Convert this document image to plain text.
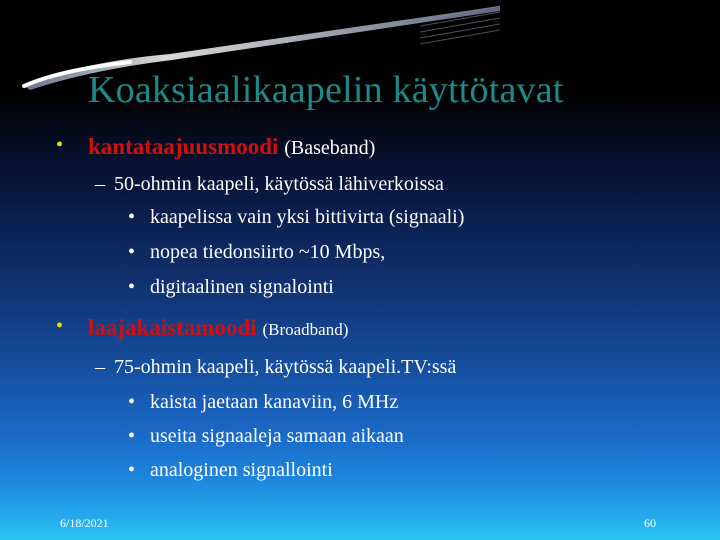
Koaksiaalikaapelin käyttötavat
• kantataajuusmoodi (Baseband)
– 50-ohmin kaapeli, käytössä lähiverkoissa
• kaapelissa vain yksi bittivirta (signaali)
• nopea tiedonsiirto ~10 Mbps,
• digitaalinen signalointi
• laajakaistamoodi (Broadband)
– 75-ohmin kaapeli, käytössä kaapeli.TV:ssä
• kaista jaetaan kanaviin, 6 MHz
• useita signaaleja samaan aikaan
• analoginen signallointi
6/18/2021	60
